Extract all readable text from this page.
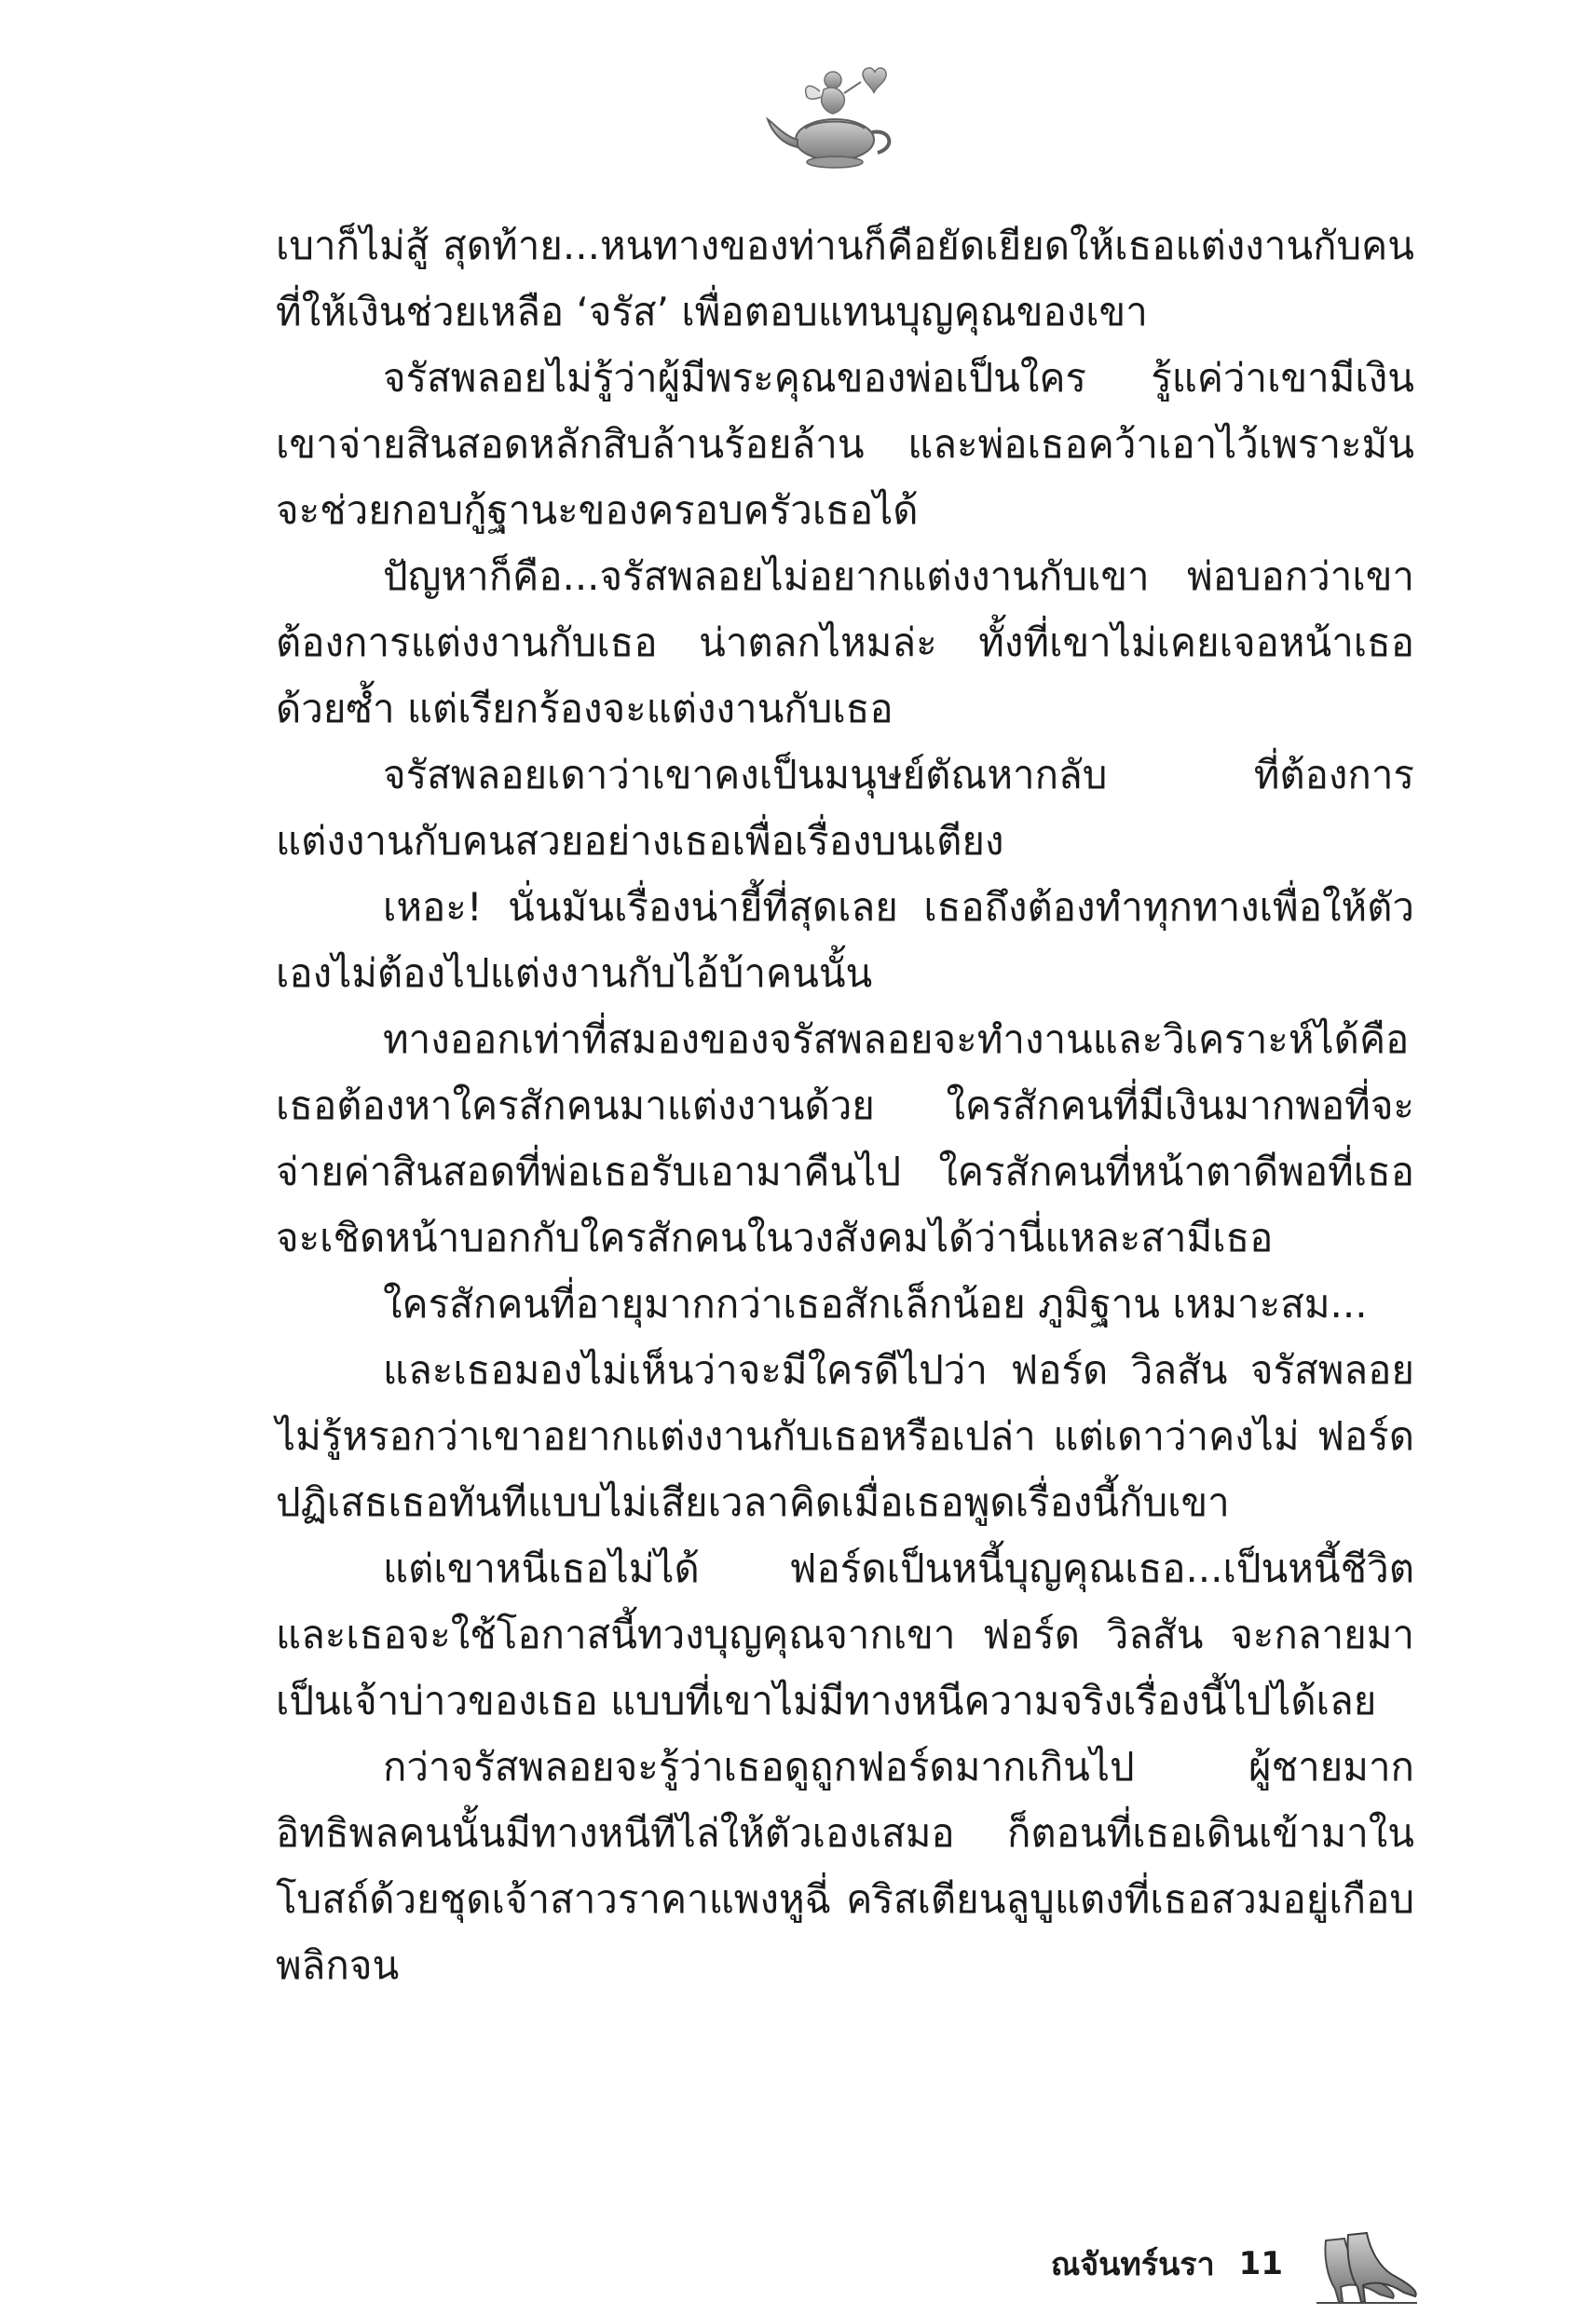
เบาก็ไม่สู้ สุดท้าย...หนทางของท่านก็คือยัดเยียดให้เธอแต่งงานกับคนที่ให้เงินช่วยเหลือ ‘จรัส’ เพื่อตอบแทนบุญคุณของเขา

จรัสพลอยไม่รู้ว่าผู้มีพระคุณของพ่อเป็นใคร รู้แค่ว่าเขามีเงิน เขาจ่ายสินสอดหลักสิบล้านร้อยล้าน และพ่อเธอคว้าเอาไว้เพราะมันจะช่วยกอบกู้ฐานะของครอบครัวเธอได้

ปัญหาก็คือ...จรัสพลอยไม่อยากแต่งงานกับเขา พ่อบอกว่าเขาต้องการแต่งงานกับเธอ น่าตลกไหมล่ะ ทั้งที่เขาไม่เคยเจอหน้าเธอด้วยซ้ำ แต่เรียกร้องจะแต่งงานกับเธอ

จรัสพลอยเดาว่าเขาคงเป็นมนุษย์ตัณหากลับ ที่ต้องการแต่งงานกับคนสวยอย่างเธอเพื่อเรื่องบนเตียง

เหอะ! นั่นมันเรื่องน่ายี้ที่สุดเลย เธอถึงต้องทำทุกทางเพื่อให้ตัวเองไม่ต้องไปแต่งงานกับไอ้บ้าคนนั้น

ทางออกเท่าที่สมองของจรัสพลอยจะทำงานและวิเคราะห์ได้คือ เธอต้องหาใครสักคนมาแต่งงานด้วย ใครสักคนที่มีเงินมากพอที่จะจ่ายค่าสินสอดที่พ่อเธอรับเอามาคืนไป ใครสักคนที่หน้าตาดีพอที่เธอจะเชิดหน้าบอกกับใครสักคนในวงสังคมได้ว่านี่แหละสามีเธอ

ใครสักคนที่อายุมากกว่าเธอสักเล็กน้อย ภูมิฐาน เหมาะสม...

และเธอมองไม่เห็นว่าจะมีใครดีไปว่า ฟอร์ด วิลสัน จรัสพลอยไม่รู้หรอกว่าเขาอยากแต่งงานกับเธอหรือเปล่า แต่เดาว่าคงไม่ ฟอร์ดปฏิเสธเธอทันทีแบบไม่เสียเวลาคิดเมื่อเธอพูดเรื่องนี้กับเขา

แต่เขาหนีเธอไม่ได้ ฟอร์ดเป็นหนี้บุญคุณเธอ...เป็นหนี้ชีวิต และเธอจะใช้โอกาสนี้ทวงบุญคุณจากเขา ฟอร์ด วิลสัน จะกลายมาเป็นเจ้าบ่าวของเธอ แบบที่เขาไม่มีทางหนีความจริงเรื่องนี้ไปได้เลย

กว่าจรัสพลอยจะรู้ว่าเธอดูถูกฟอร์ดมากเกินไป ผู้ชายมากอิทธิพลคนนั้นมีทางหนีทีไล่ให้ตัวเองเสมอ ก็ตอนที่เธอเดินเข้ามาในโบสถ์ด้วยชุดเจ้าสาวราคาแพงหูฉี่ คริสเตียนลูบูแตงที่เธอสวมอยู่เกือบพลิกจน

ณจันทร์นรา 11
